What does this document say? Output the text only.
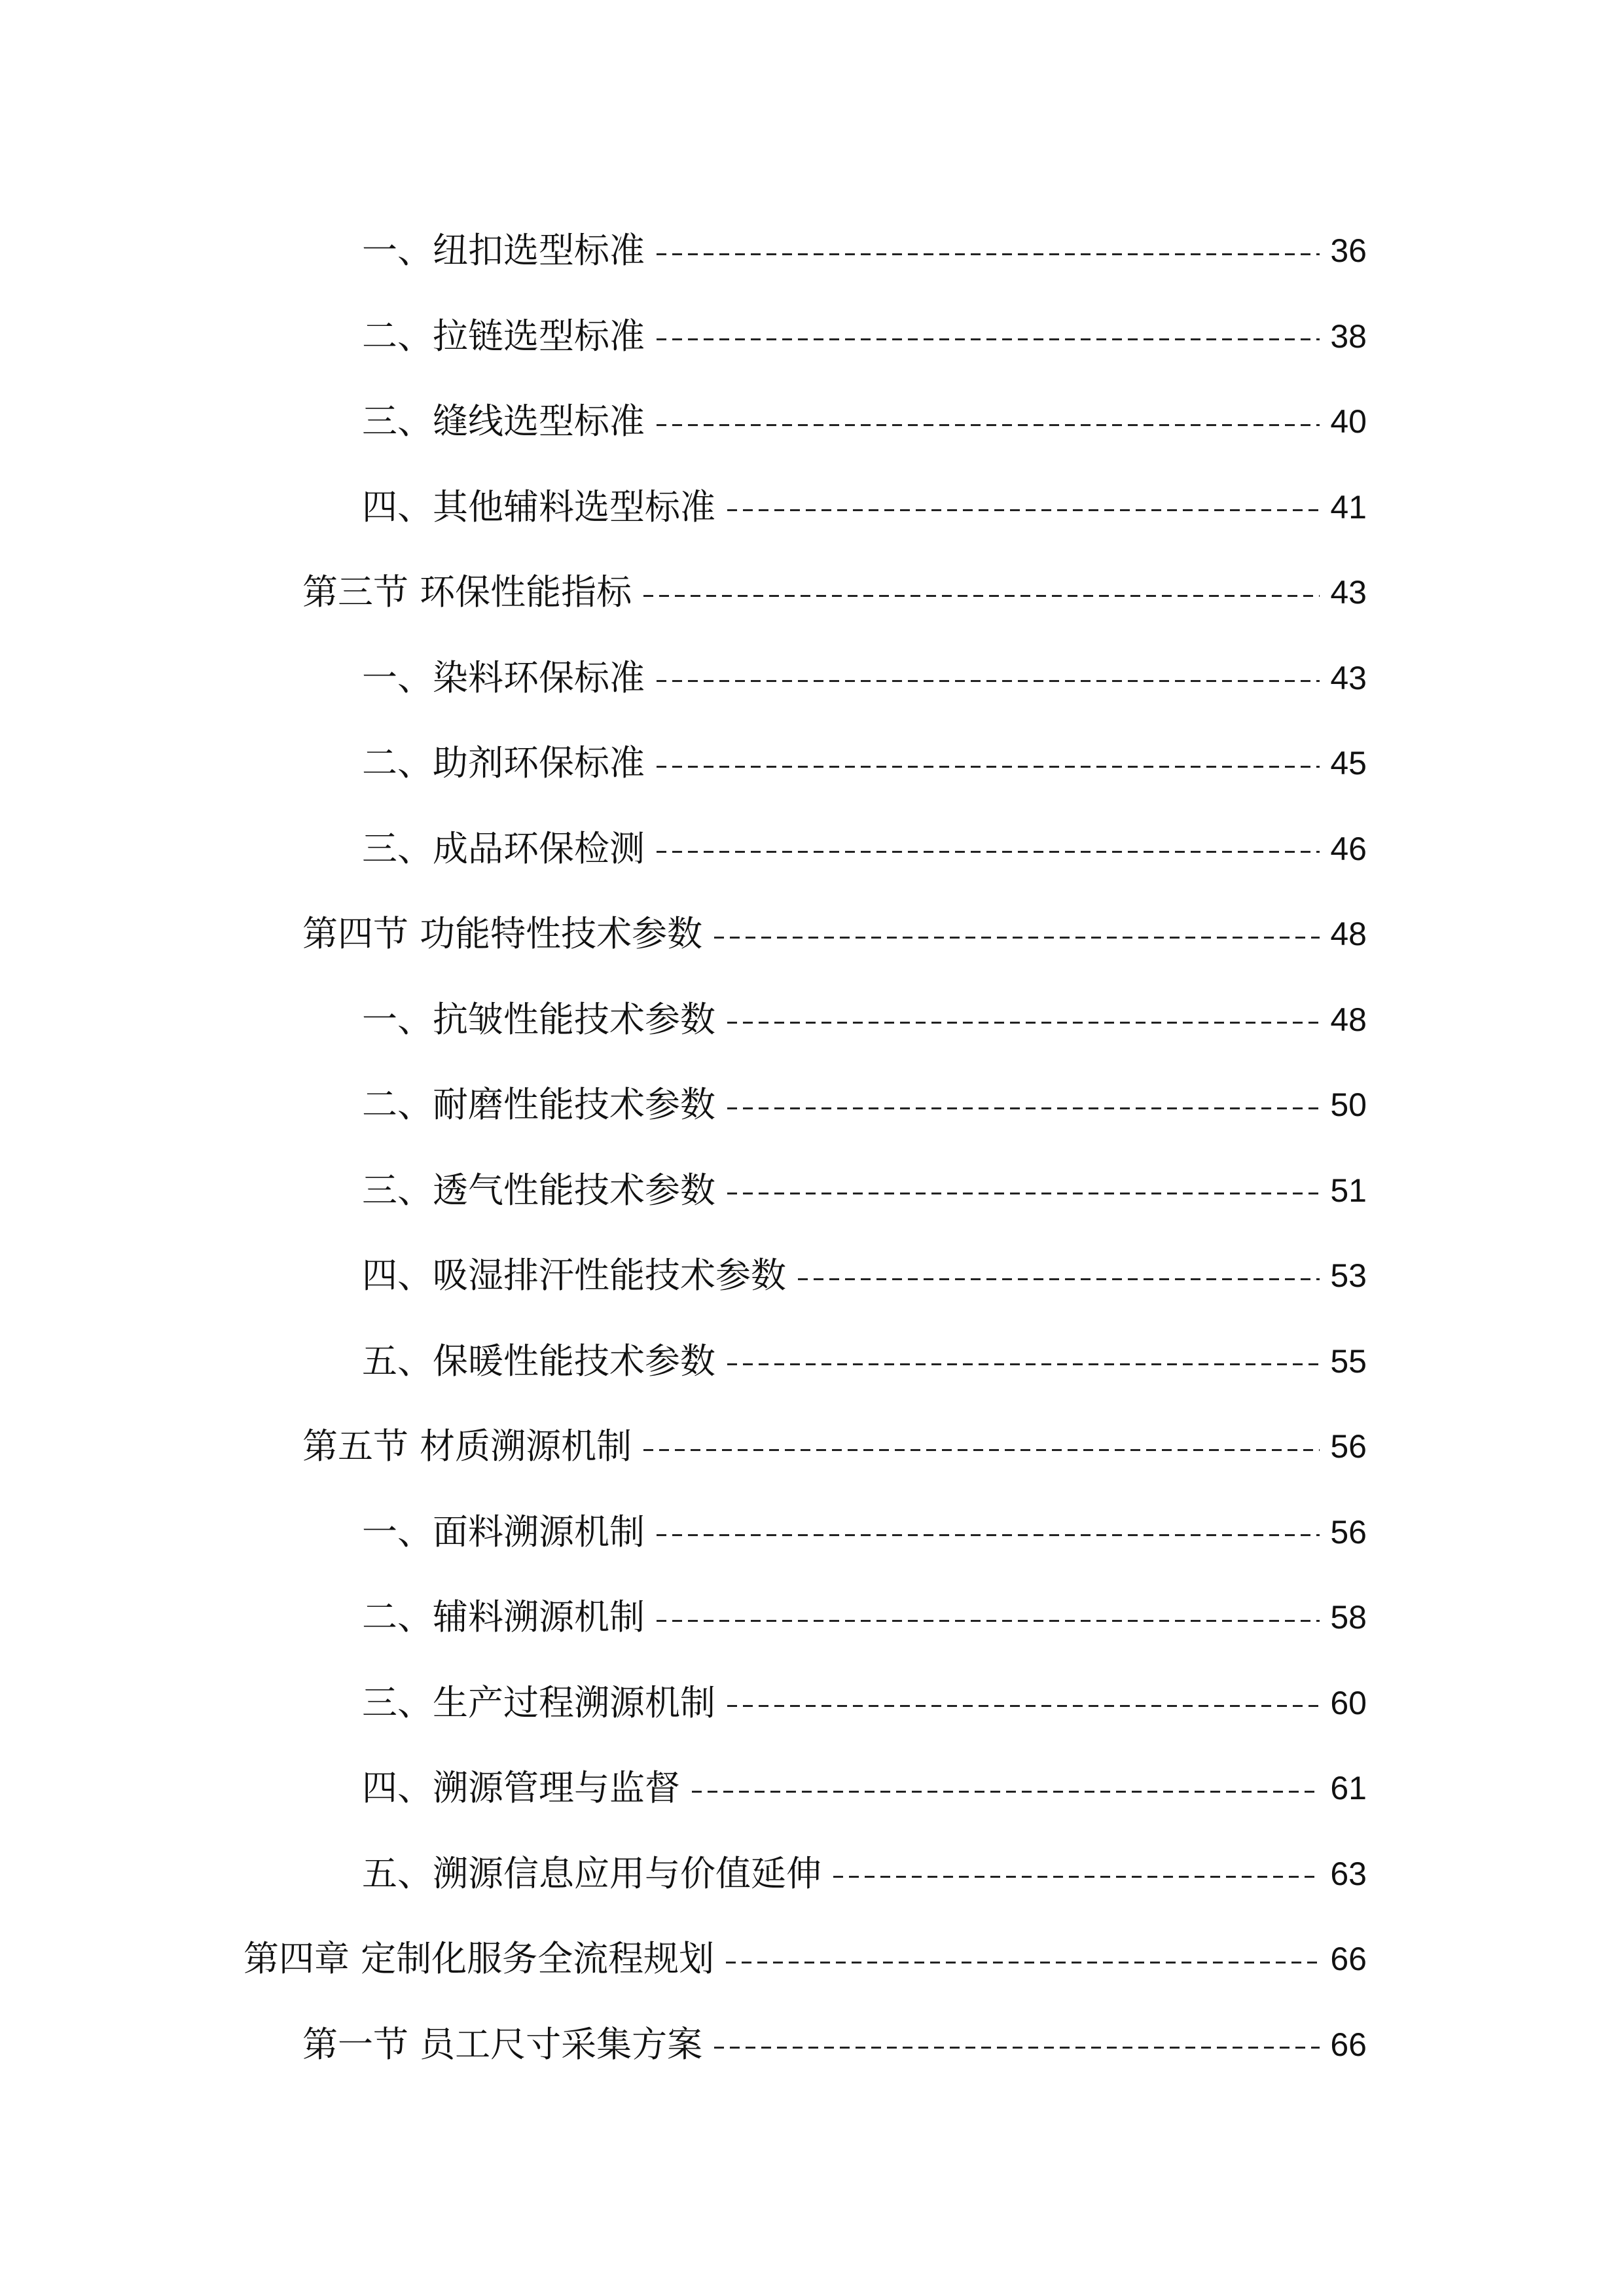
一、纽扣选型标准	36
二、拉链选型标准	38
三、缝线选型标准	40
四、其他辅料选型标准	41
第三节 环保性能指标	43
一、染料环保标准	43
二、助剂环保标准	45
三、成品环保检测	46
第四节 功能特性技术参数	48
一、抗皱性能技术参数	48
二、耐磨性能技术参数	50
三、透气性能技术参数	51
四、吸湿排汗性能技术参数	53
五、保暖性能技术参数	55
第五节 材质溯源机制	56
一、面料溯源机制	56
二、辅料溯源机制	58
三、生产过程溯源机制	60
四、溯源管理与监督	61
五、溯源信息应用与价值延伸	63
第四章 定制化服务全流程规划	66
第一节 员工尺寸采集方案	66
